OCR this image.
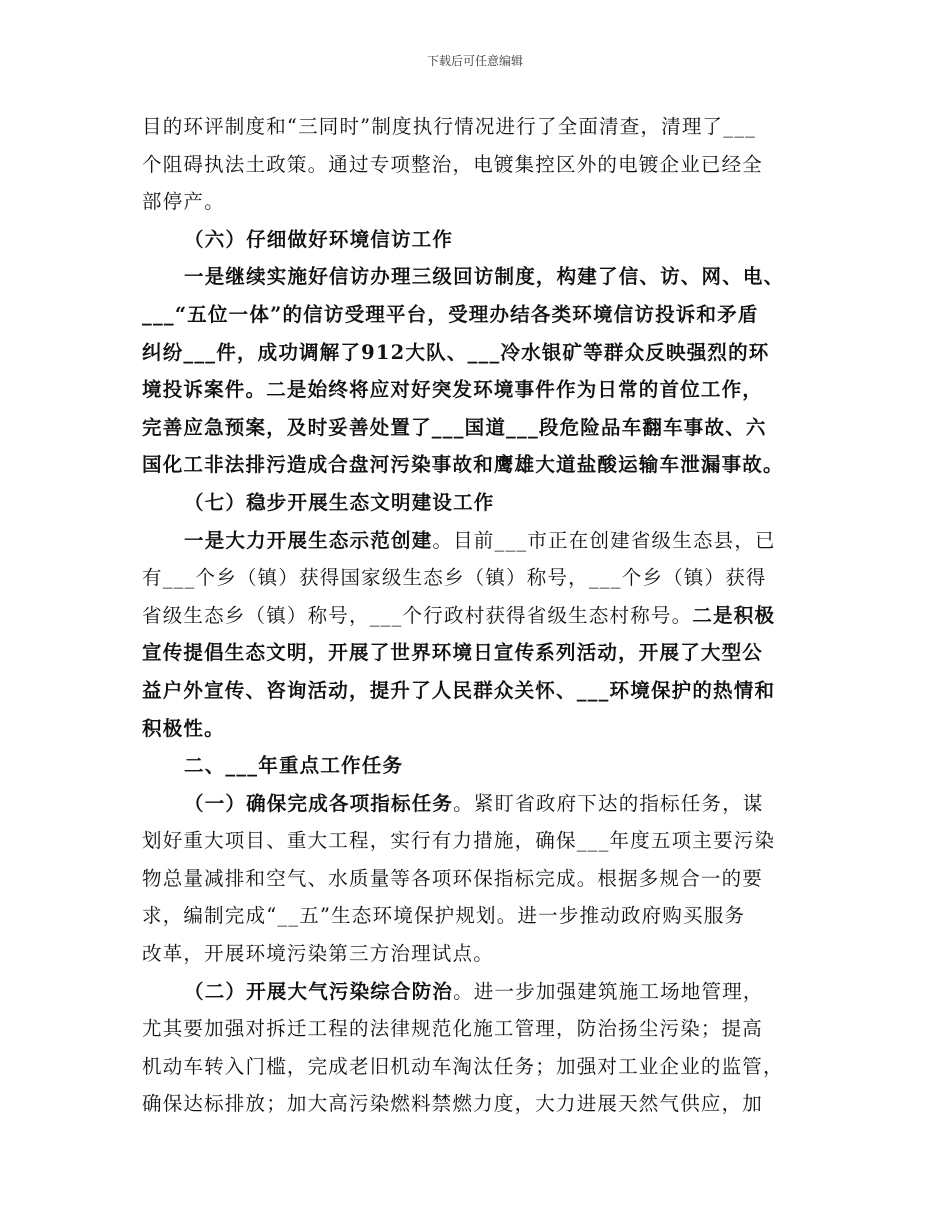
下载后可任意编辑

目的环评制度和“三同时”制度执行情况进行了全面清查，清理了___

个阻碍执法土政策。通过专项整治，电镀集控区外的电镀企业已经全

部停产。

（六）仔细做好环境信访工作

一是继续实施好信访办理三级回访制度，构建了信、访、网、电、

___“五位一体”的信访受理平台，受理办结各类环境信访投诉和矛盾

纠纷___件，成功调解了912大队、___冷水银矿等群众反映强烈的环

境投诉案件。二是始终将应对好突发环境事件作为日常的首位工作，

完善应急预案，及时妥善处置了___国道___段危险品车翻车事故、六

国化工非法排污造成合盘河污染事故和鹰雄大道盐酸运输车泄漏事故。

（七）稳步开展生态文明建设工作

一是大力开展生态示范创建。目前___市正在创建省级生态县，已

有___个乡（镇）获得国家级生态乡（镇）称号，___个乡（镇）获得

省级生态乡（镇）称号，___个行政村获得省级生态村称号。二是积极

宣传提倡生态文明，开展了世界环境日宣传系列活动，开展了大型公

益户外宣传、咨询活动，提升了人民群众关怀、___环境保护的热情和

积极性。

二、___年重点工作任务

（一）确保完成各项指标任务。紧盯省政府下达的指标任务，谋

划好重大项目、重大工程，实行有力措施，确保___年度五项主要污染

物总量减排和空气、水质量等各项环保指标完成。根据多规合一的要

求，编制完成“__五”生态环境保护规划。进一步推动政府购买服务

改革，开展环境污染第三方治理试点。

（二）开展大气污染综合防治。进一步加强建筑施工场地管理，

尤其要加强对拆迁工程的法律规范化施工管理，防治扬尘污染；提高

机动车转入门槛，完成老旧机动车淘汰任务；加强对工业企业的监管，

确保达标排放；加大高污染燃料禁燃力度，大力进展天然气供应，加
